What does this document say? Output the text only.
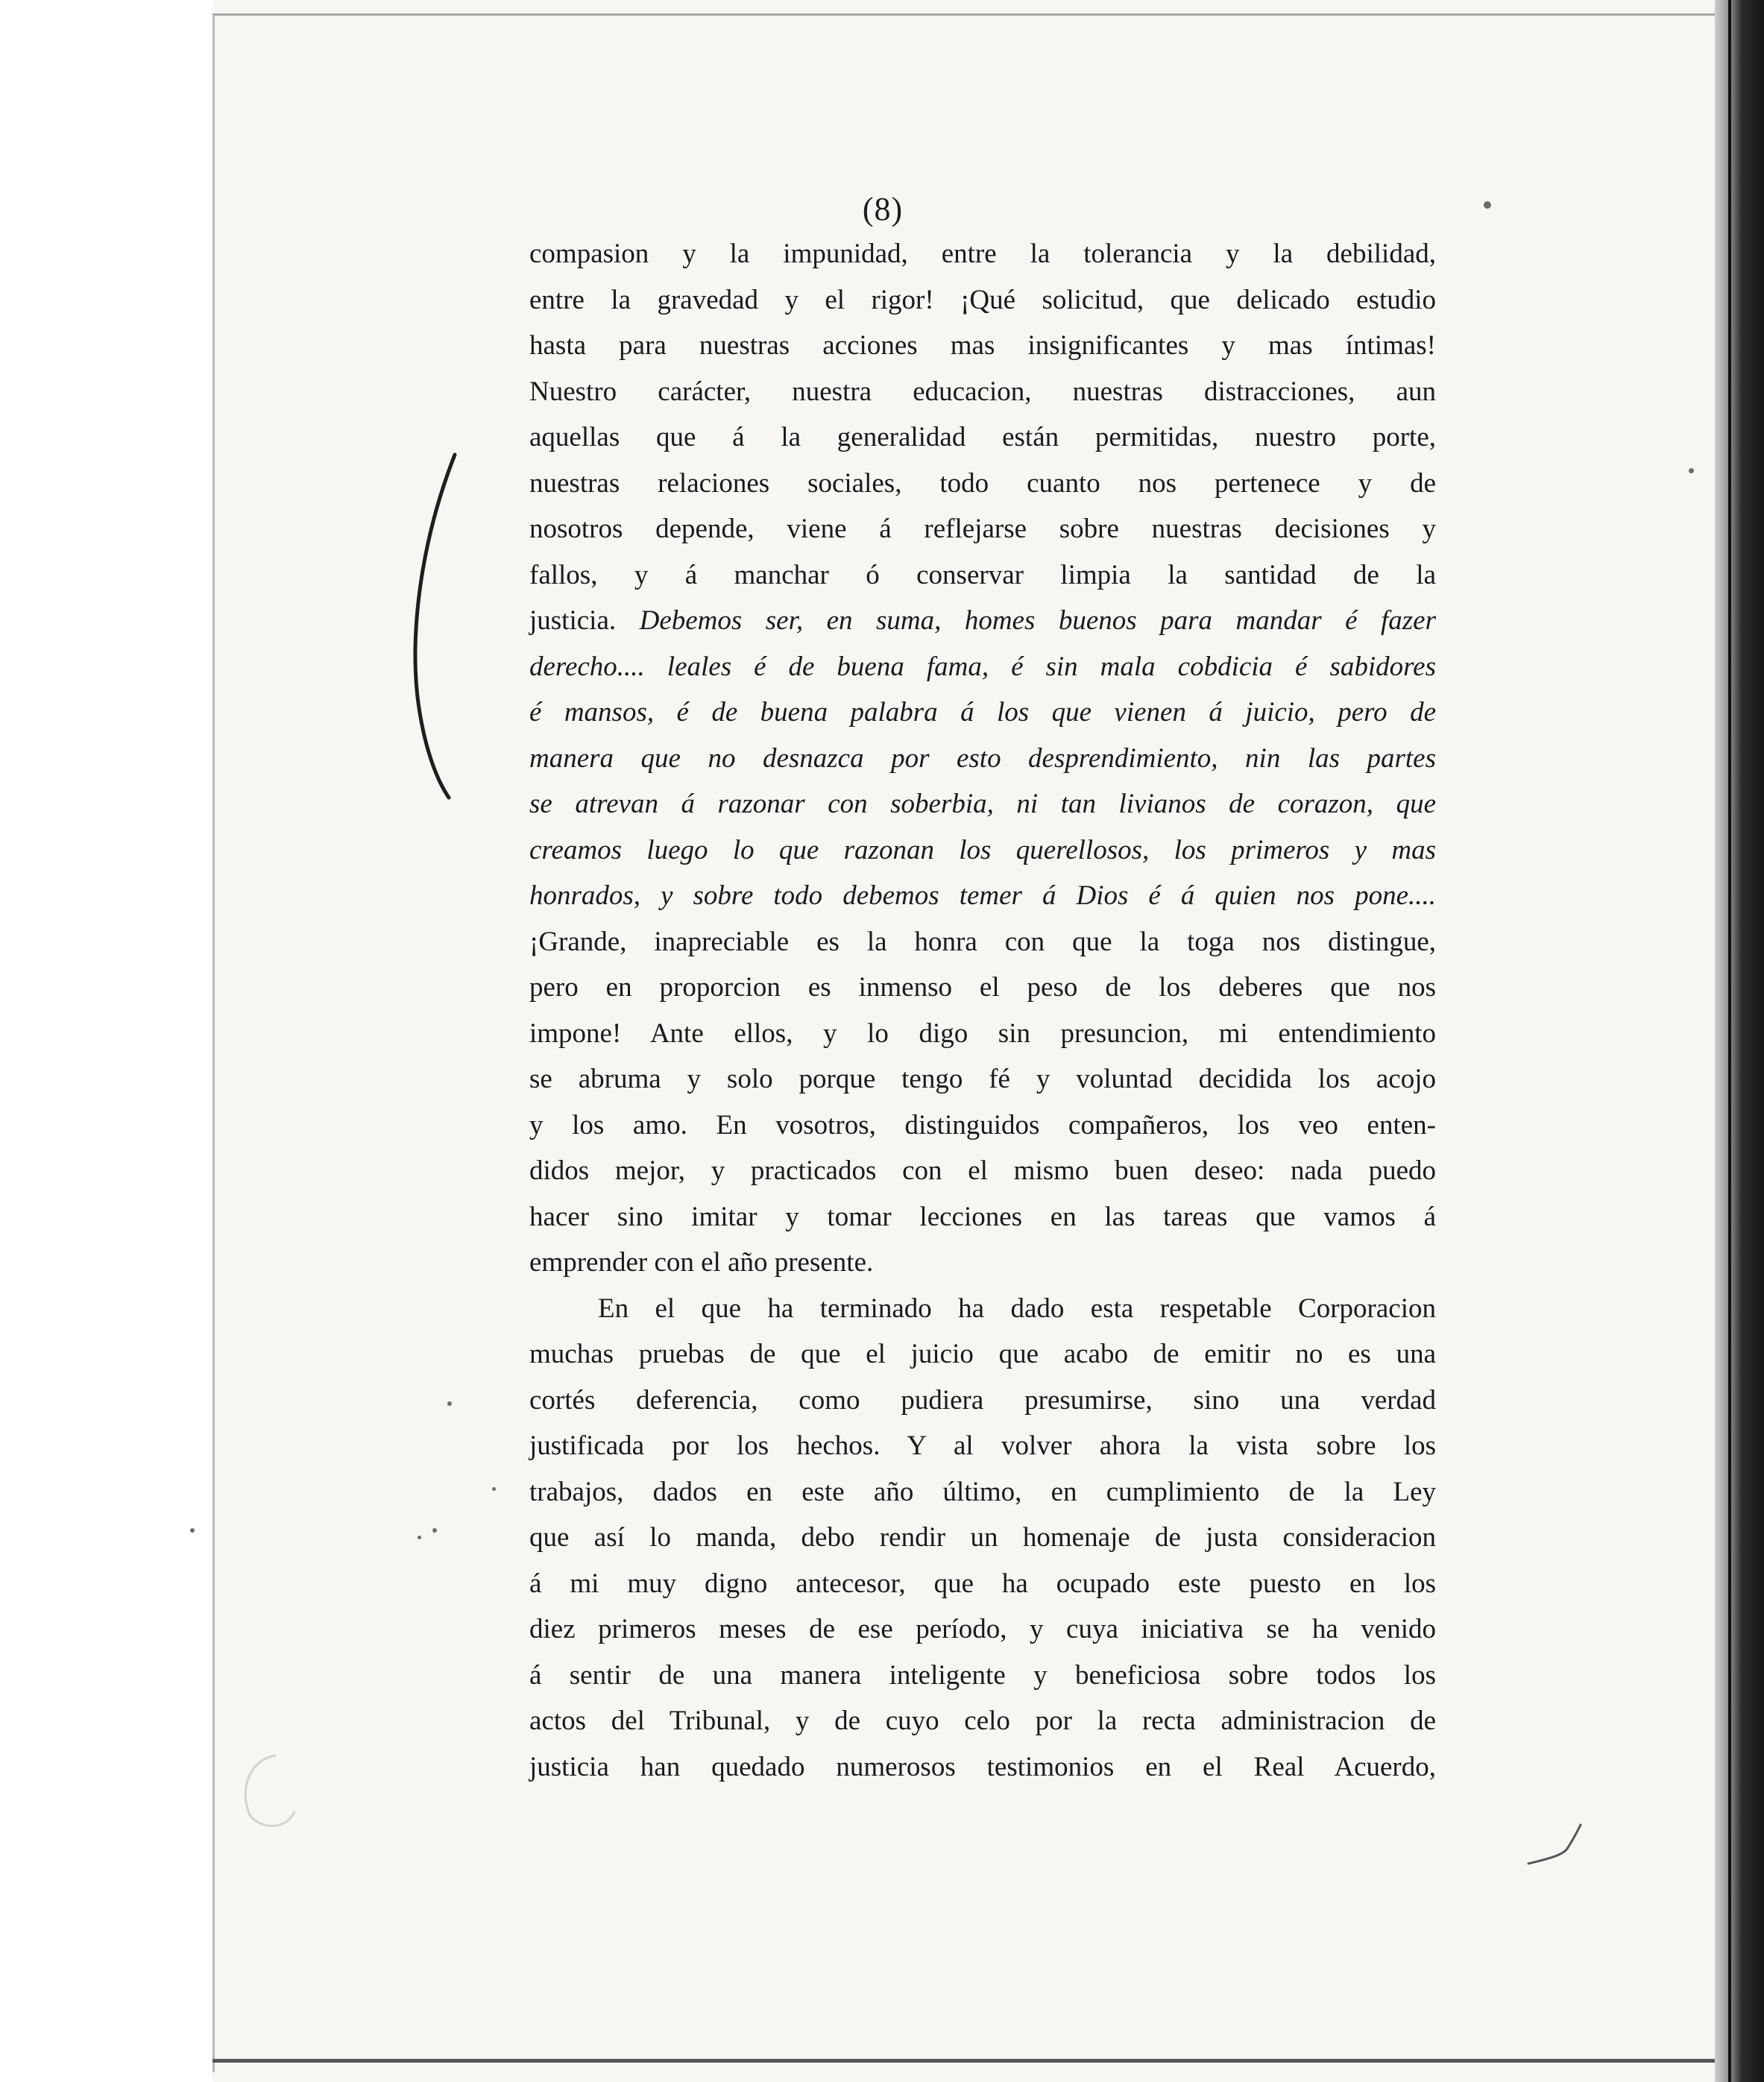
(8)
compasion y la impunidad, entre la tolerancia y la debilidad,
entre la gravedad y el rigor! ¡Qué solicitud, que delicado estudio
hasta para nuestras acciones mas insignificantes y mas íntimas!
Nuestro carácter, nuestra educacion, nuestras distracciones, aun
aquellas que á la generalidad están permitidas, nuestro porte,
nuestras relaciones sociales, todo cuanto nos pertenece y de
nosotros depende, viene á reflejarse sobre nuestras decisiones y
fallos, y á manchar ó conservar limpia la santidad de la
justicia. Debemos ser, en suma, homes buenos para mandar é fazer
derecho.... leales é de buena fama, é sin mala cobdicia é sabidores
é mansos, é de buena palabra á los que vienen á juicio, pero de
manera que no desnazca por esto desprendimiento, nin las partes
se atrevan á razonar con soberbia, ni tan livianos de corazon, que
creamos luego lo que razonan los querellosos, los primeros y mas
honrados, y sobre todo debemos temer á Dios é á quien nos pone....
¡Grande, inapreciable es la honra con que la toga nos distingue,
pero en proporcion es inmenso el peso de los deberes que nos
impone! Ante ellos, y lo digo sin presuncion, mi entendimiento
se abruma y solo porque tengo fé y voluntad decidida los acojo
y los amo. En vosotros, distinguidos compañeros, los veo enten-
didos mejor, y practicados con el mismo buen deseo: nada puedo
hacer sino imitar y tomar lecciones en las tareas que vamos á
emprender con el año presente.
En el que ha terminado ha dado esta respetable Corporacion
muchas pruebas de que el juicio que acabo de emitir no es una
cortés deferencia, como pudiera presumirse, sino una verdad
justificada por los hechos. Y al volver ahora la vista sobre los
trabajos, dados en este año último, en cumplimiento de la Ley
que así lo manda, debo rendir un homenaje de justa consideracion
á mi muy digno antecesor, que ha ocupado este puesto en los
diez primeros meses de ese período, y cuya iniciativa se ha venido
á sentir de una manera inteligente y beneficiosa sobre todos los
actos del Tribunal, y de cuyo celo por la recta administracion de
justicia han quedado numerosos testimonios en el Real Acuerdo,
